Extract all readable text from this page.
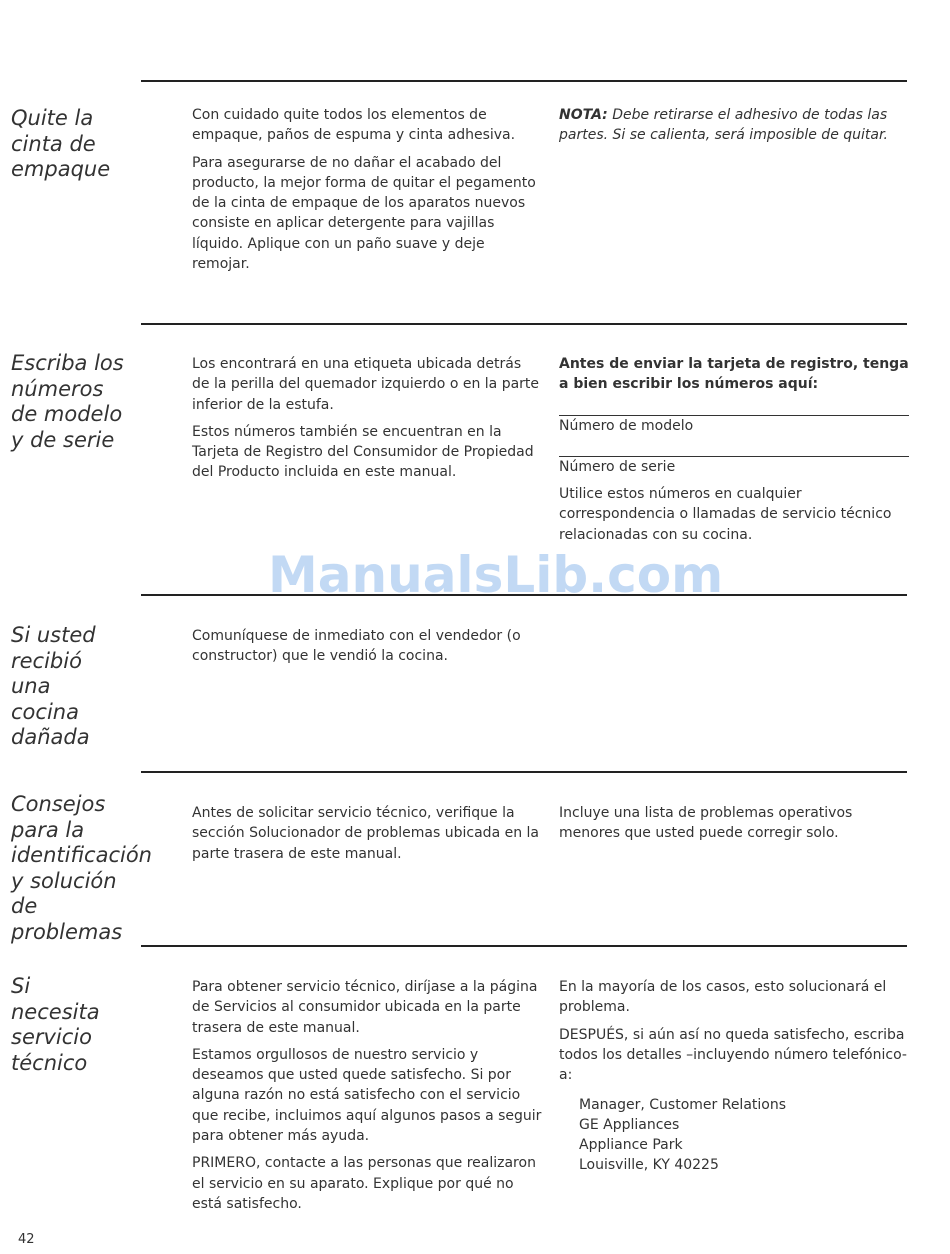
Quite la
cinta de
empaque

Con cuidado quite todos los elementos de empaque, paños de espuma y cinta adhesiva.

Para asegurarse de no dañar el acabado del producto, la mejor forma de quitar el pegamento de la cinta de empaque de los aparatos nuevos consiste en aplicar detergente para vajillas líquido. Aplique con un paño suave y deje remojar.

NOTA: Debe retirarse el adhesivo de todas las partes. Si se calienta, será imposible de quitar.

Escriba los
números
de modelo
y de serie

Los encontrará en una etiqueta ubicada detrás de la perilla del quemador izquierdo o en la parte inferior de la estufa.

Estos números también se encuentran en la Tarjeta de Registro del Consumidor de Propiedad del Producto incluida en este manual.

Antes de enviar la tarjeta de registro, tenga a bien escribir los números aquí:

Número de modelo

Número de serie

Utilice estos números en cualquier correspondencia o llamadas de servicio técnico relacionadas con su cocina.

Si usted
recibió
una
cocina
dañada

Comuníquese de inmediato con el vendedor (o constructor) que le vendió la cocina.

Consejos
para la
identificación
y solución de
problemas

Antes de solicitar servicio técnico, verifique la sección Solucionador de problemas ubicada en la parte trasera de este manual.

Incluye una lista de problemas operativos menores que usted puede corregir solo.

Si
necesita
servicio
técnico

Para obtener servicio técnico, diríjase a la página de Servicios al consumidor ubicada en la parte trasera de este manual.

Estamos orgullosos de nuestro servicio y deseamos que usted quede satisfecho. Si por alguna razón no está satisfecho con el servicio que recibe, incluimos aquí algunos pasos a seguir para obtener más ayuda.

PRIMERO, contacte a las personas que realizaron el servicio en su aparato. Explique por qué no está satisfecho.

En la mayoría de los casos, esto solucionará el problema.

DESPUÉS, si aún así no queda satisfecho, escriba todos los detalles –incluyendo número telefónico- a:

Manager, Customer Relations
GE Appliances
Appliance Park
Louisville, KY 40225
ManualsLib.com
42
